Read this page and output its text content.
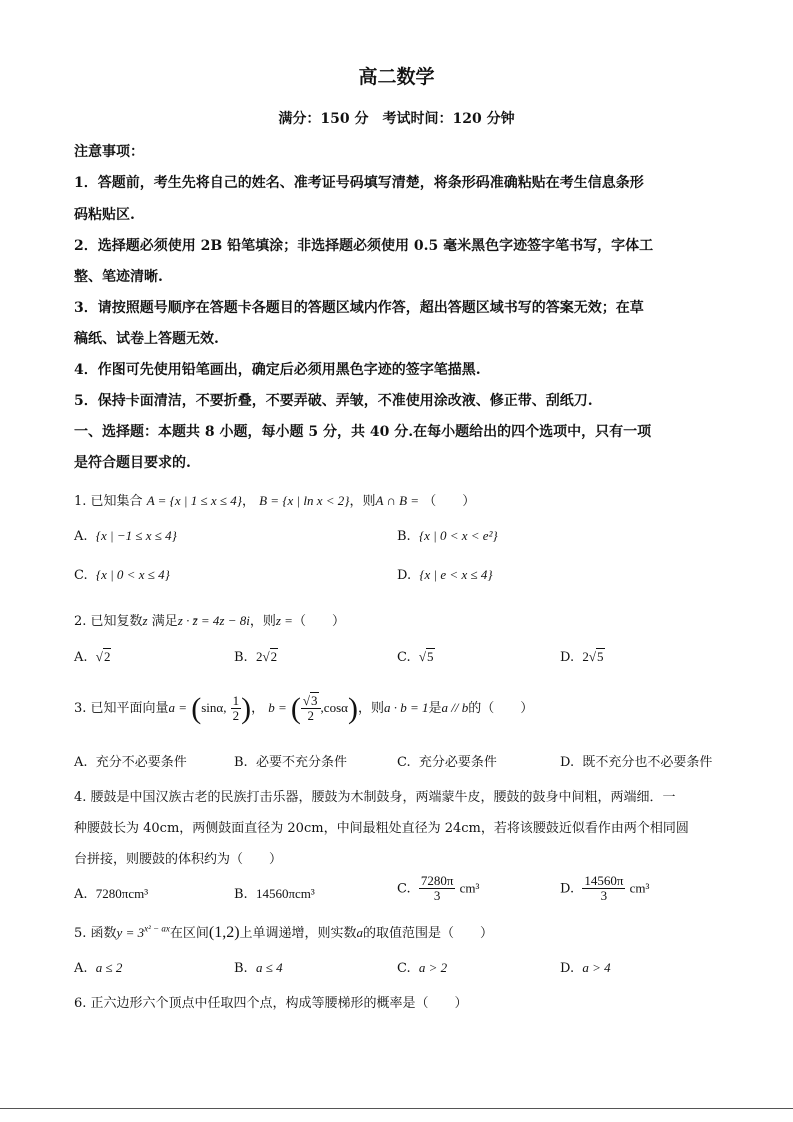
高二数学
满分：150 分　考试时间：120 分钟
注意事项：
1．答题前，考生先将自己的姓名、准考证号码填写清楚，将条形码准确粘贴在考生信息条形
码粘贴区.
2．选择题必须使用 2B 铅笔填涂；非选择题必须使用 0.5 毫米黑色字迹签字笔书写，字体工
整、笔迹清晰.
3．请按照题号顺序在答题卡各题目的答题区域内作答，超出答题区域书写的答案无效；在草
稿纸、试卷上答题无效.
4．作图可先使用铅笔画出，确定后必须用黑色字迹的签字笔描黑.
5．保持卡面清洁，不要折叠，不要弄破、弄皱，不准使用涂改液、修正带、刮纸刀.
一、选择题：本题共 8 小题，每小题 5 分，共 40 分.在每小题给出的四个选项中，只有一项
是符合题目要求的.
1. 已知集合 A = {x | 1 ≤ x ≤ 4}， B = {x | ln x < 2}，则A ∩ B = （　　）
A. {x | −1 ≤ x ≤ 4}	B. {x | 0 < x < e²}
C. {x | 0 < x ≤ 4}	D. {x | e < x ≤ 4}
2. 已知复数z 满足z · z̄ = 4z − 8i，则z =（　　）
A. √2	B. 2√2	C. √5	D. 2√5
3. 已知平面向量a = (sinα, $\frac{1}{2}$ )， b = ( $\frac{√3}{2} ,\cos\alpha$)，则a · b = 1是a // b的（　　）
A. 充分不必要条件	B. 必要不充分条件	C. 充分必要条件	D. 既不充分也不必要条件
4. 腰鼓是中国汉族古老的民族打击乐器，腰鼓为木制鼓身，两端蒙牛皮，腰鼓的鼓身中间粗，两端细．一
种腰鼓长为 40cm，两侧鼓面直径为 20cm，中间最粗处直径为 24cm，若将该腰鼓近似看作由两个相同圆
台拼接，则腰鼓的体积约为（　　）
A. 7280πcm³	B. 14560πcm³	C. $\frac{7280\pi}{3} cm^3$	D. $\frac{14560\pi}{3} cm^3$
5. 函数$y = 3^{x^2 - ax}$在区间(1,2)上单调递增，则实数a的取值范围是（　　）
A. a ≤ 2	B. a ≤ 4	C. a > 2	D. a > 4
6. 正六边形六个顶点中任取四个点，构成等腰梯形的概率是（　　）
